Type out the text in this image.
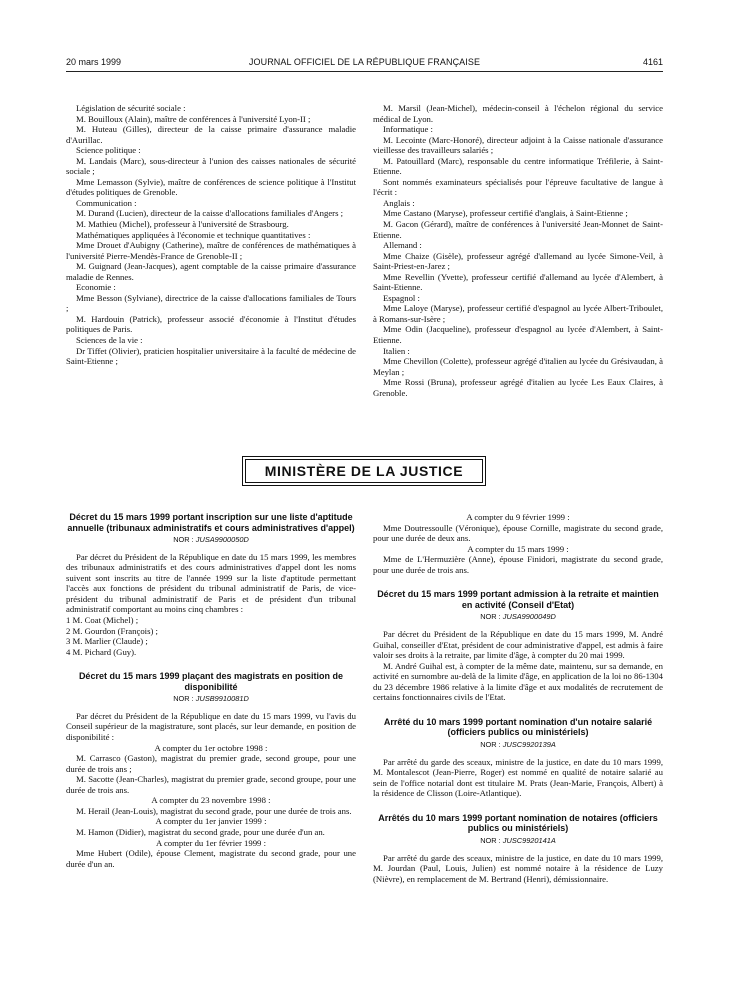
20 mars 1999	JOURNAL OFFICIEL DE LA RÉPUBLIQUE FRANÇAISE	4161

Législation de sécurité sociale :

M. Bouilloux (Alain), maître de conférences à l'université Lyon-II ;

M. Huteau (Gilles), directeur de la caisse primaire d'assurance maladie d'Aurillac.

Science politique :

M. Landais (Marc), sous-directeur à l'union des caisses nationales de sécurité sociale ;

Mme Lemasson (Sylvie), maître de conférences de science politique à l'Institut d'études politiques de Grenoble.

Communication :

M. Durand (Lucien), directeur de la caisse d'allocations familiales d'Angers ;

M. Mathieu (Michel), professeur à l'université de Strasbourg.

Mathématiques appliquées à l'économie et technique quantitatives :

Mme Drouet d'Aubigny (Catherine), maître de conférences de mathématiques à l'université Pierre-Mendès-France de Grenoble-II ;

M. Guignard (Jean-Jacques), agent comptable de la caisse primaire d'assurance maladie de Rennes.

Economie :

Mme Besson (Sylviane), directrice de la caisse d'allocations familiales de Tours ;

M. Hardouin (Patrick), professeur associé d'économie à l'Institut d'études politiques de Paris.

Sciences de la vie :

Dr Tiffet (Olivier), praticien hospitalier universitaire à la faculté de médecine de Saint-Etienne ;

M. Marsil (Jean-Michel), médecin-conseil à l'échelon régional du service médical de Lyon.

Informatique :

M. Lecointe (Marc-Honoré), directeur adjoint à la Caisse nationale d'assurance vieillesse des travailleurs salariés ;

M. Patouillard (Marc), responsable du centre informatique Tréfilerie, à Saint-Etienne.

Sont nommés examinateurs spécialisés pour l'épreuve facultative de langue à l'écrit :

Anglais :

Mme Castano (Maryse), professeur certifié d'anglais, à Saint-Etienne ;

M. Gacon (Gérard), maître de conférences à l'université Jean-Monnet de Saint-Etienne.

Allemand :

Mme Chaize (Gisèle), professeur agrégé d'allemand au lycée Simone-Veil, à Saint-Priest-en-Jarez ;

Mme Revellin (Yvette), professeur certifié d'allemand au lycée d'Alembert, à Saint-Etienne.

Espagnol :

Mme Laloye (Maryse), professeur certifié d'espagnol au lycée Albert-Triboulet, à Romans-sur-Isère ;

Mme Odin (Jacqueline), professeur d'espagnol au lycée d'Alembert, à Saint-Etienne.

Italien :

Mme Chevillon (Colette), professeur agrégé d'italien au lycée du Grésivaudan, à Meylan ;

Mme Rossi (Bruna), professeur agrégé d'italien au lycée Les Eaux Claires, à Grenoble.

MINISTÈRE DE LA JUSTICE
Décret du 15 mars 1999 portant inscription sur une liste d'aptitude annuelle (tribunaux administratifs et cours administratives d'appel)
NOR : JUSA9900050D

Par décret du Président de la République en date du 15 mars 1999, les membres des tribunaux administratifs et des cours administratives d'appel dont les noms suivent sont inscrits au titre de l'année 1999 sur la liste d'aptitude permettant l'accès aux fonctions de président du tribunal administratif de Paris, de vice-président du tribunal administratif de Paris et de président d'un tribunal administratif comportant au moins cinq chambres :

1 M. Coat (Michel) ;

2 M. Gourdon (François) ;

3 M. Marlier (Claude) ;

4 M. Pichard (Guy).

Décret du 15 mars 1999 plaçant des magistrats en position de disponibilité
NOR : JUSB9910081D

Par décret du Président de la République en date du 15 mars 1999, vu l'avis du Conseil supérieur de la magistrature, sont placés, sur leur demande, en position de disponibilité :

A compter du 1er octobre 1998 :

M. Carrasco (Gaston), magistrat du premier grade, second groupe, pour une durée de trois ans ;

M. Sacotte (Jean-Charles), magistrat du premier grade, second groupe, pour une durée de trois ans.

A compter du 23 novembre 1998 :

M. Herail (Jean-Louis), magistrat du second grade, pour une durée de trois ans.

A compter du 1er janvier 1999 :

M. Hamon (Didier), magistrat du second grade, pour une durée d'un an.

A compter du 1er février 1999 :

Mme Hubert (Odile), épouse Clement, magistrate du second grade, pour une durée d'un an.

A compter du 9 février 1999 :

Mme Doutressoulle (Véronique), épouse Cornille, magistrate du second grade, pour une durée de deux ans.

A compter du 15 mars 1999 :

Mme de L'Hermuzière (Anne), épouse Finidori, magistrate du second grade, pour une durée de trois ans.

Décret du 15 mars 1999 portant admission à la retraite et maintien en activité (Conseil d'Etat)
NOR : JUSA9900049D

Par décret du Président de la République en date du 15 mars 1999, M. André Guihal, conseiller d'Etat, président de cour administrative d'appel, est admis à faire valoir ses droits à la retraite, par limite d'âge, à compter du 20 mai 1999.

M. André Guihal est, à compter de la même date, maintenu, sur sa demande, en activité en surnombre au-delà de la limite d'âge, en application de la loi no 86-1304 du 23 décembre 1986 relative à la limite d'âge et aux modalités de recrutement de certains fonctionnaires civils de l'Etat.

Arrêté du 10 mars 1999 portant nomination d'un notaire salarié (officiers publics ou ministériels)
NOR : JUSC9920139A

Par arrêté du garde des sceaux, ministre de la justice, en date du 10 mars 1999, M. Montalescot (Jean-Pierre, Roger) est nommé en qualité de notaire salarié au sein de l'office notarial dont est titulaire M. Prats (Jean-Marie, François, Albert) à la résidence de Clisson (Loire-Atlantique).

Arrêtés du 10 mars 1999 portant nomination de notaires (officiers publics ou ministériels)
NOR : JUSC9920141A

Par arrêté du garde des sceaux, ministre de la justice, en date du 10 mars 1999, M. Jourdan (Paul, Louis, Julien) est nommé notaire à la résidence de Luzy (Nièvre), en remplacement de M. Bertrand (Henri), démissionnaire.
